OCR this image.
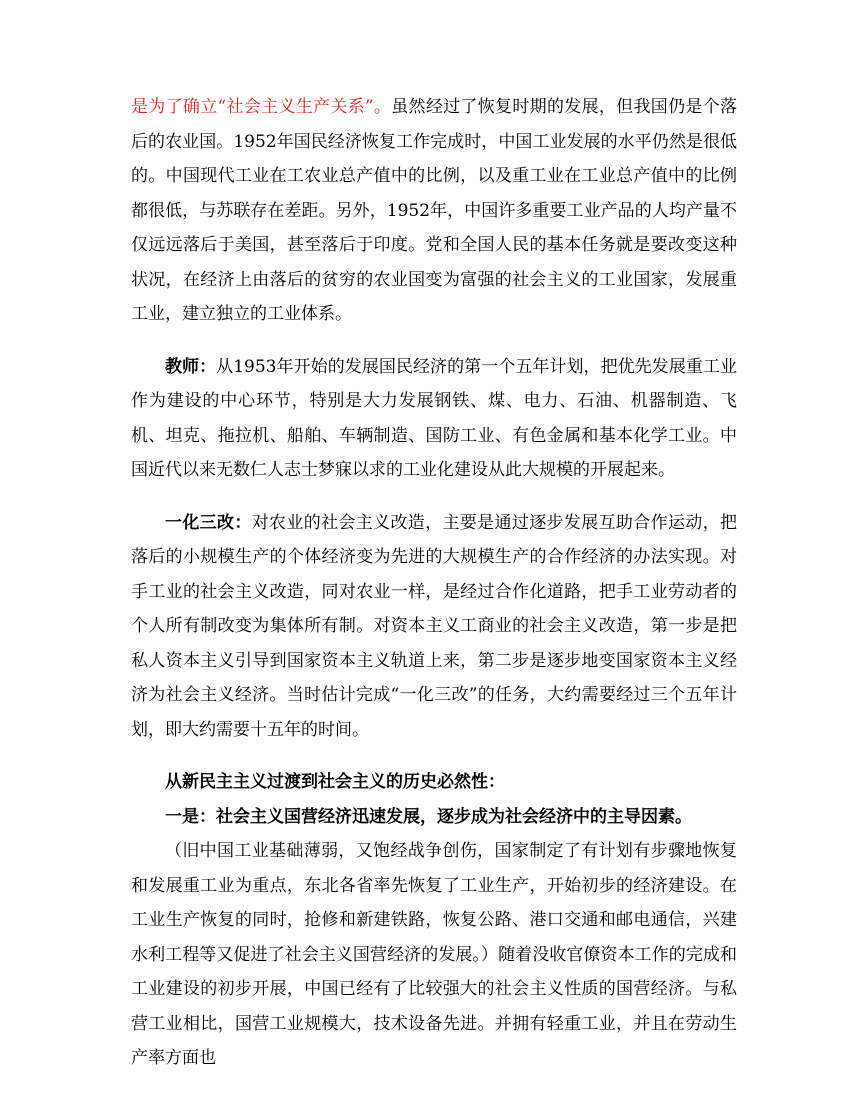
是为了确立“社会主义生产关系”。虽然经过了恢复时期的发展，但我国仍是个落后的农业国。1952年国民经济恢复工作完成时，中国工业发展的水平仍然是很低的。中国现代工业在工农业总产值中的比例，以及重工业在工业总产值中的比例都很低，与苏联存在差距。另外，1952年，中国许多重要工业产品的人均产量不仅远远落后于美国，甚至落后于印度。党和全国人民的基本任务就是要改变这种状况，在经济上由落后的贫穷的农业国变为富强的社会主义的工业国家，发展重工业，建立独立的工业体系。

教师：从1953年开始的发展国民经济的第一个五年计划，把优先发展重工业作为建设的中心环节，特别是大力发展钢铁、煤、电力、石油、机器制造、飞机、坦克、拖拉机、船舶、车辆制造、国防工业、有色金属和基本化学工业。中国近代以来无数仁人志士梦寐以求的工业化建设从此大规模的开展起来。

一化三改：对农业的社会主义改造，主要是通过逐步发展互助合作运动，把落后的小规模生产的个体经济变为先进的大规模生产的合作经济的办法实现。对手工业的社会主义改造，同对农业一样，是经过合作化道路，把手工业劳动者的个人所有制改变为集体所有制。对资本主义工商业的社会主义改造，第一步是把私人资本主义引导到国家资本主义轨道上来，第二步是逐步地变国家资本主义经济为社会主义经济。当时估计完成“一化三改”的任务，大约需要经过三个五年计划，即大约需要十五年的时间。

从新民主主义过渡到社会主义的历史必然性：

一是：社会主义国营经济迅速发展，逐步成为社会经济中的主导因素。

（旧中国工业基础薄弱，又饱经战争创伤，国家制定了有计划有步骤地恢复和发展重工业为重点，东北各省率先恢复了工业生产，开始初步的经济建设。在工业生产恢复的同时，抢修和新建铁路，恢复公路、港口交通和邮电通信，兴建水利工程等又促进了社会主义国营经济的发展。）随着没收官僚资本工作的完成和工业建设的初步开展，中国已经有了比较强大的社会主义性质的国营经济。与私营工业相比，国营工业规模大，技术设备先进。并拥有轻重工业，并且在劳动生产率方面也
